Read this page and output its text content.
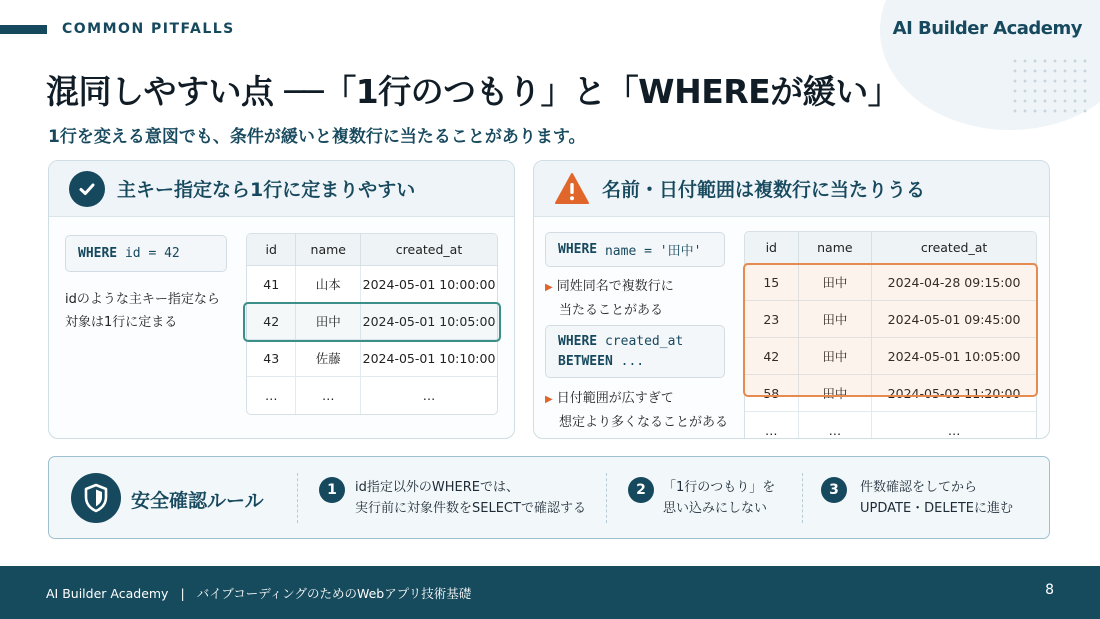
COMMON PITFALLS	AI Builder Academy
混同しやすい点 ──「1行のつもり」と「WHEREが緩い」
1行を変える意図でも、条件が緩いと複数行に当たることがあります。
主キー指定なら1行に定まりやすい
WHERE
id = 42
idのような主キー指定なら
対象は1行に定まる
id	name	created_at
41	山本	2024-05-01 10:00:00
42	田中	2024-05-01 10:05:00
43	佐藤	2024-05-01 10:10:00
…	…	…
名前・日付範囲は複数行に当たりうる
WHERE
name = '田中'
▶ 同姓同名で複数行に
当たることがある
WHERE created_at
BETWEEN ...
▶ 日付範囲が広すぎて
想定より多くなることがある
id	name	created_at
15	田中	2024-04-28 09:15:00
23	田中	2024-05-01 09:45:00
42	田中	2024-05-01 10:05:00
58	田中	2024-05-02 11:20:00
…	…	…
安全確認ルール	1	id指定以外のWHEREでは、
実行前に対象件数をSELECTで確認する
2	「1行のつもり」を
思い込みにしない
3	件数確認をしてから
UPDATE・DELETEに進む
AI Builder Academy | バイブコーディングのためのWebアプリ技術基礎	8
